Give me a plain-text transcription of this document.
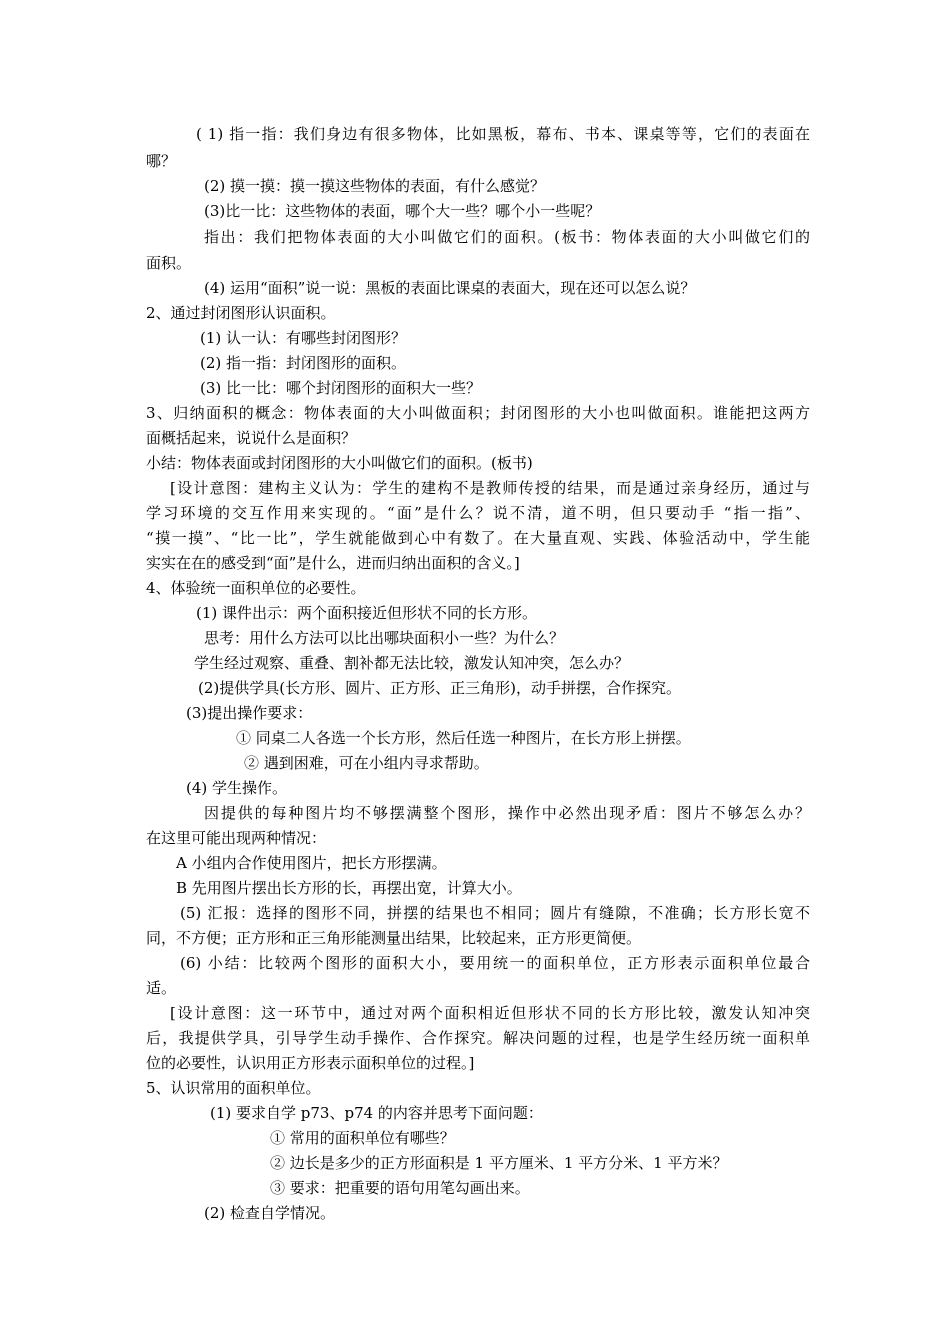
( 1) 指一指：我们身边有很多物体，比如黑板，幕布、书本、课桌等等，它们的表面在
哪？
(2) 摸一摸：摸一摸这些物体的表面，有什么感觉？
(3)比一比：这些物体的表面，哪个大一些？哪个小一些呢？
指出：我们把物体表面的大小叫做它们的面积。(板书：物体表面的大小叫做它们的
面积。
(4) 运用“面积”说一说：黑板的表面比课桌的表面大，现在还可以怎么说？
2、通过封闭图形认识面积。
(1) 认一认：有哪些封闭图形？
(2) 指一指：封闭图形的面积。
(3) 比一比：哪个封闭图形的面积大一些？
3、归纳面积的概念：物体表面的大小叫做面积；封闭图形的大小也叫做面积。谁能把这两方
面概括起来，说说什么是面积？
小结：物体表面或封闭图形的大小叫做它们的面积。(板书)
[设计意图：建构主义认为：学生的建构不是教师传授的结果，而是通过亲身经历，通过与
学习环境的交互作用来实现的。“面”是什么？说不清，道不明，但只要动手 “指一指”、
“摸一摸”、“比一比”，学生就能做到心中有数了。在大量直观、实践、体验活动中，学生能
实实在在的感受到“面”是什么，进而归纳出面积的含义。]
4、体验统一面积单位的必要性。
(1) 课件出示：两个面积接近但形状不同的长方形。
思考：用什么方法可以比出哪块面积小一些？为什么？
学生经过观察、重叠、割补都无法比较，激发认知冲突，怎么办？
(2)提供学具(长方形、圆片、正方形、正三角形)，动手拼摆，合作探究。
(3)提出操作要求：
① 同桌二人各选一个长方形，然后任选一种图片，在长方形上拼摆。
② 遇到困难，可在小组内寻求帮助。
(4) 学生操作。
因提供的每种图片均不够摆满整个图形，操作中必然出现矛盾：图片不够怎么办？
在这里可能出现两种情况：
A 小组内合作使用图片，把长方形摆满。
B 先用图片摆出长方形的长，再摆出宽，计算大小。
(5) 汇报：选择的图形不同，拼摆的结果也不相同；圆片有缝隙，不准确；长方形长宽不
同，不方便；正方形和正三角形能测量出结果，比较起来，正方形更简便。
(6) 小结：比较两个图形的面积大小，要用统一的面积单位，正方形表示面积单位最合
适。
[设计意图：这一环节中，通过对两个面积相近但形状不同的长方形比较，激发认知冲突
后，我提供学具，引导学生动手操作、合作探究。解决问题的过程，也是学生经历统一面积单
位的必要性，认识用正方形表示面积单位的过程。]
5、认识常用的面积单位。
(1) 要求自学 p73、p74 的内容并思考下面问题：
① 常用的面积单位有哪些？
② 边长是多少的正方形面积是 1 平方厘米、1 平方分米、1 平方米？
③ 要求：把重要的语句用笔勾画出来。
(2) 检查自学情况。
